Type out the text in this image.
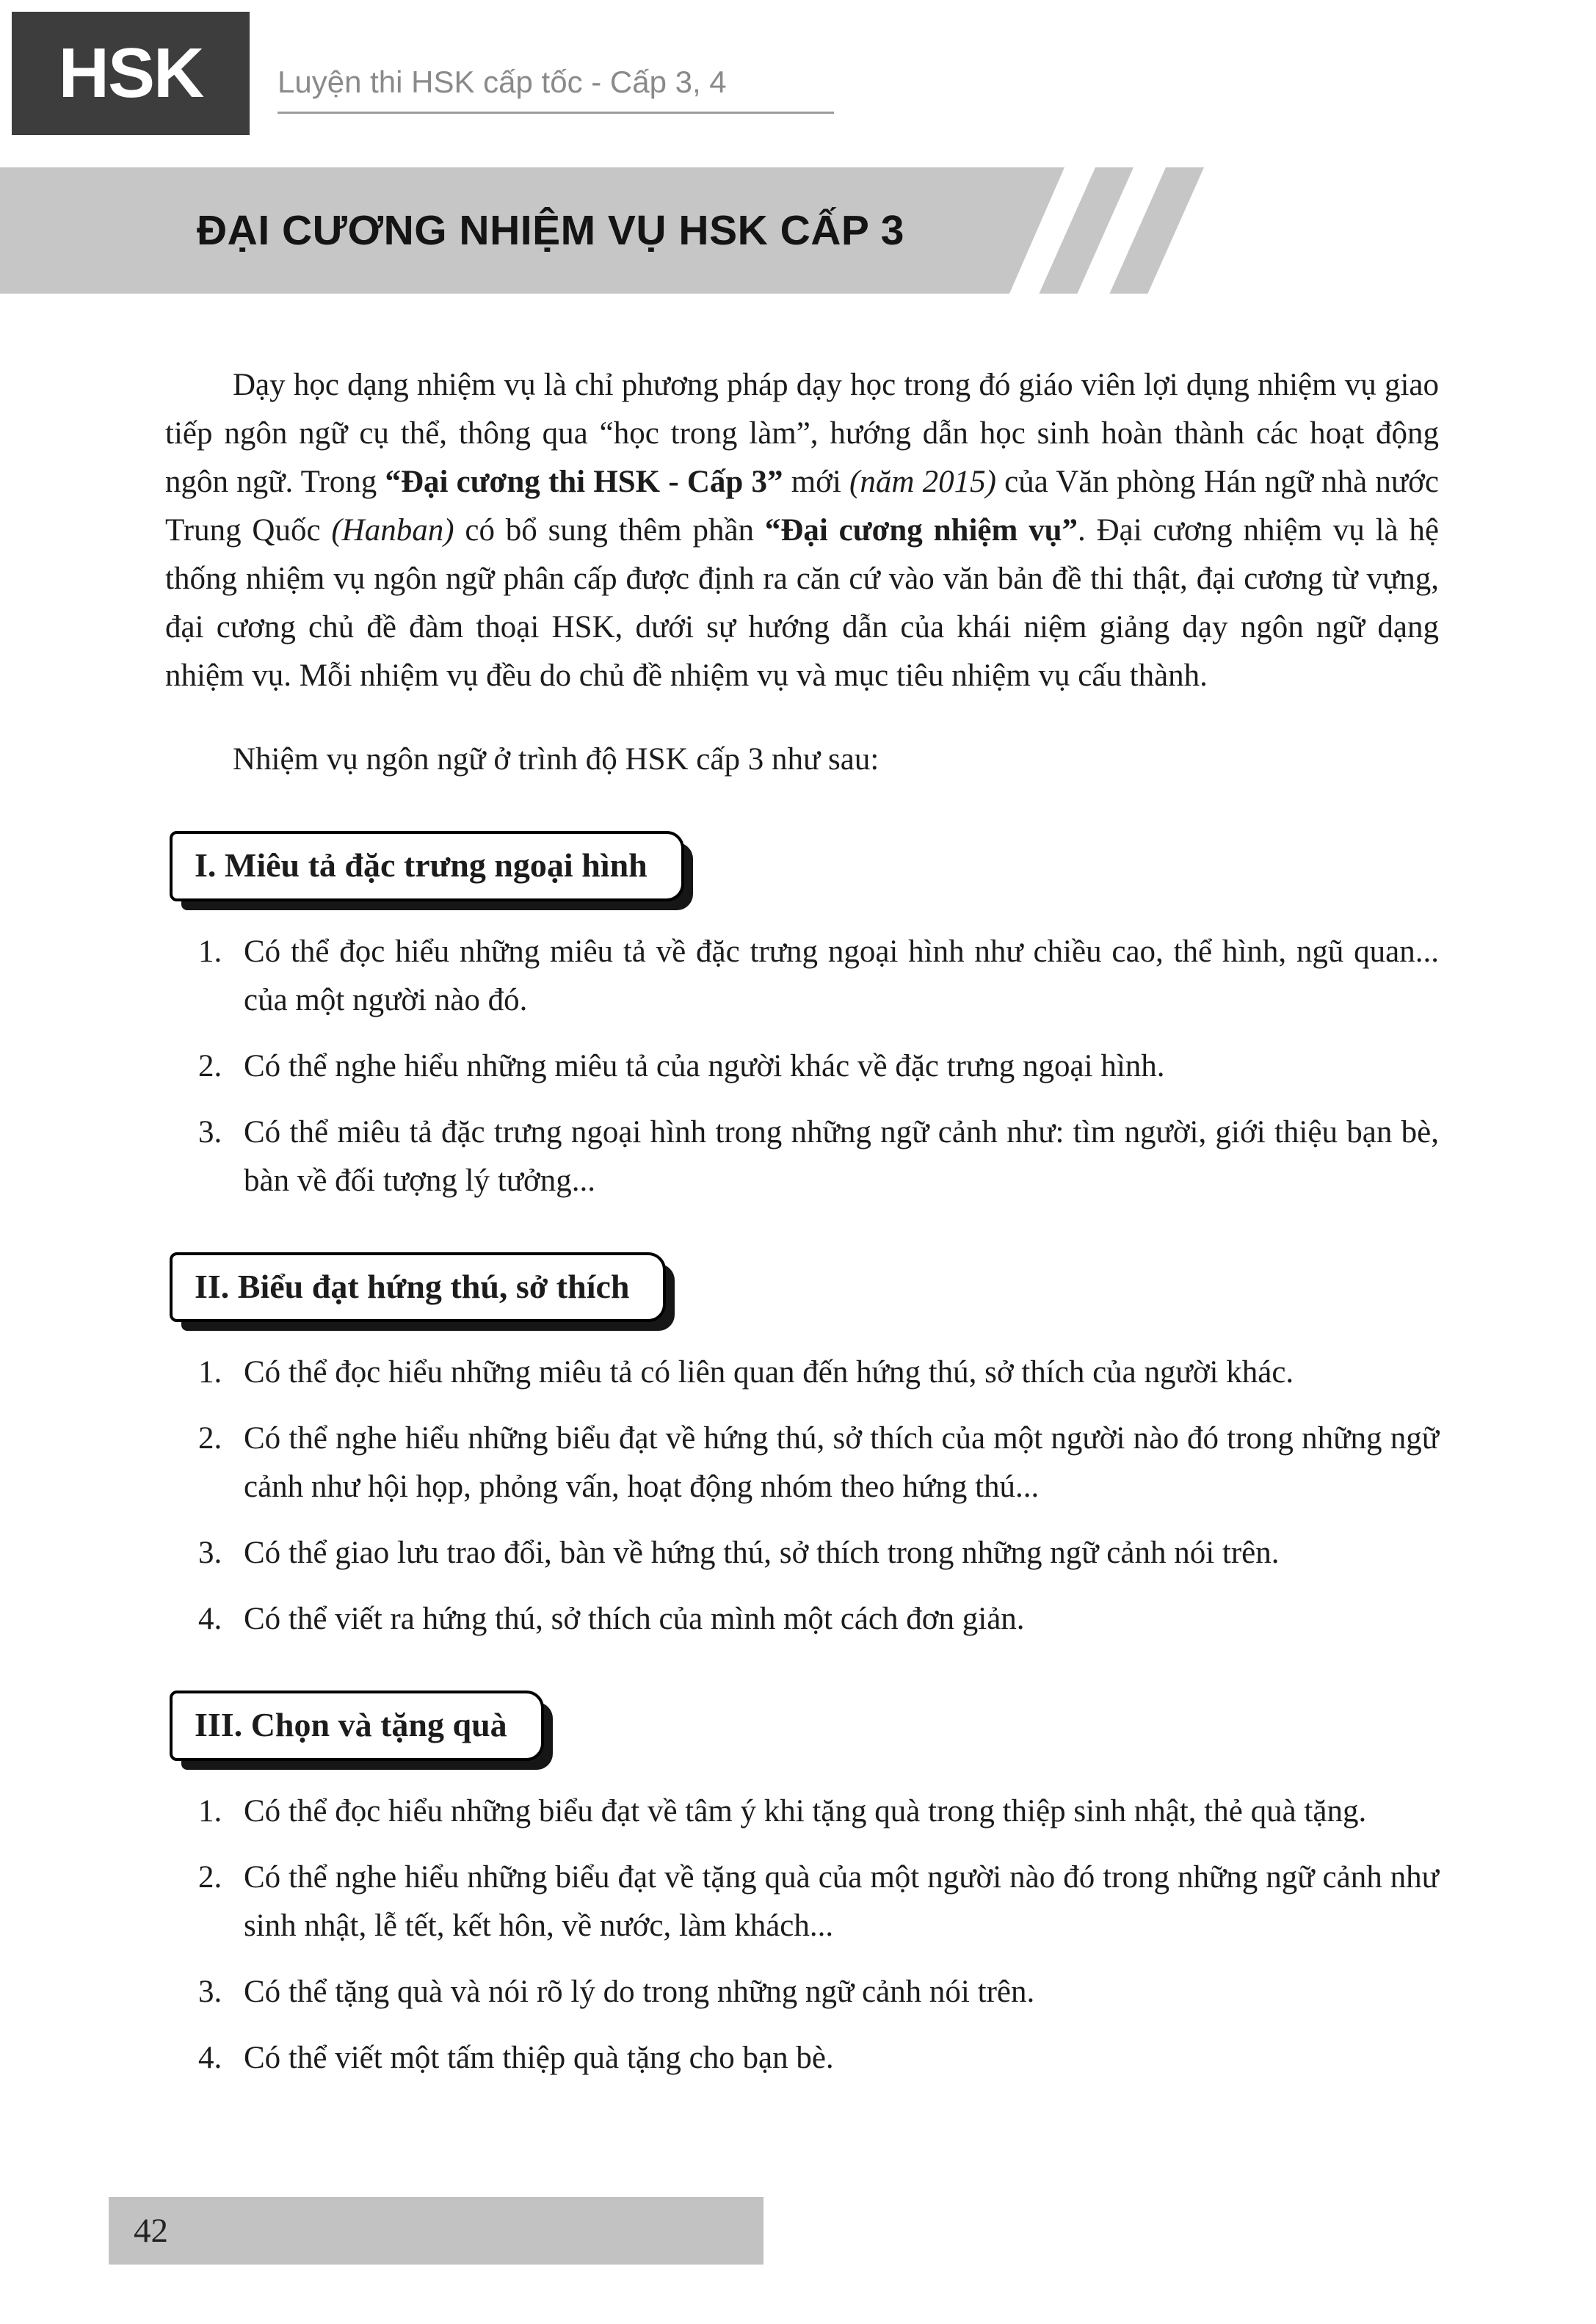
HSK Luyện thi HSK cấp tốc - Cấp 3, 4
ĐẠI CƯƠNG NHIỆM VỤ HSK CẤP 3

Dạy học dạng nhiệm vụ là chỉ phương pháp dạy học trong đó giáo viên lợi dụng nhiệm vụ giao tiếp ngôn ngữ cụ thể, thông qua “học trong làm”, hướng dẫn học sinh hoàn thành các hoạt động ngôn ngữ. Trong “Đại cương thi HSK - Cấp 3” mới (năm 2015) của Văn phòng Hán ngữ nhà nước Trung Quốc (Hanban) có bổ sung thêm phần “Đại cương nhiệm vụ”. Đại cương nhiệm vụ là hệ thống nhiệm vụ ngôn ngữ phân cấp được định ra căn cứ vào văn bản đề thi thật, đại cương từ vựng, đại cương chủ đề đàm thoại HSK, dưới sự hướng dẫn của khái niệm giảng dạy ngôn ngữ dạng nhiệm vụ. Mỗi nhiệm vụ đều do chủ đề nhiệm vụ và mục tiêu nhiệm vụ cấu thành.

Nhiệm vụ ngôn ngữ ở trình độ HSK cấp 3 như sau:

I. Miêu tả đặc trưng ngoại hình
1. Có thể đọc hiểu những miêu tả về đặc trưng ngoại hình như chiều cao, thể hình, ngũ quan... của một người nào đó.
2. Có thể nghe hiểu những miêu tả của người khác về đặc trưng ngoại hình.
3. Có thể miêu tả đặc trưng ngoại hình trong những ngữ cảnh như: tìm người, giới thiệu bạn bè, bàn về đối tượng lý tưởng...
II. Biểu đạt hứng thú, sở thích
1. Có thể đọc hiểu những miêu tả có liên quan đến hứng thú, sở thích của người khác.
2. Có thể nghe hiểu những biểu đạt về hứng thú, sở thích của một người nào đó trong những ngữ cảnh như hội họp, phỏng vấn, hoạt động nhóm theo hứng thú...
3. Có thể giao lưu trao đổi, bàn về hứng thú, sở thích trong những ngữ cảnh nói trên.
4. Có thể viết ra hứng thú, sở thích của mình một cách đơn giản.
III. Chọn và tặng quà
1. Có thể đọc hiểu những biểu đạt về tâm ý khi tặng quà trong thiệp sinh nhật, thẻ quà tặng.
2. Có thể nghe hiểu những biểu đạt về tặng quà của một người nào đó trong những ngữ cảnh như sinh nhật, lễ tết, kết hôn, về nước, làm khách...
3. Có thể tặng quà và nói rõ lý do trong những ngữ cảnh nói trên.
4. Có thể viết một tấm thiệp quà tặng cho bạn bè.
42
